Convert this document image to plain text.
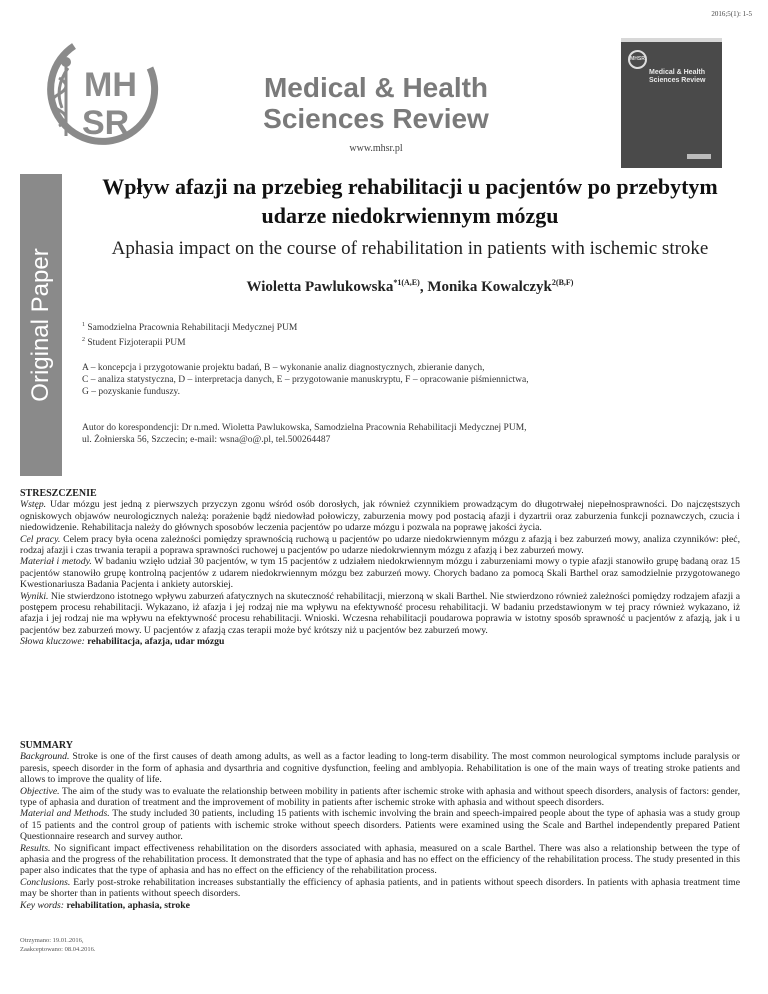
2016;5(1): 1-5
MH
SR
Medical & Health
Sciences Review
www.mhsr.pl
MHSR
Medical & Health
Sciences Review
Original Paper
Wpływ afazji na przebieg rehabilitacji u pacjentów po przebytym udarze niedokrwiennym mózgu
Aphasia impact on the course of rehabilitation in patients with ischemic stroke
Wioletta Pawlukowska$^{*1(A,E)}$, Monika Kowalczyk$^{2(B,F)}$
$^1$ Samodzielna Pracownia Rehabilitacji Medycznej PUM
$^2$ Student Fizjoterapii PUM
A – koncepcja i przygotowanie projektu badań, B – wykonanie analiz diagnostycznych, zbieranie danych,
C – analiza statystyczna, D – interpretacja danych, E – przygotowanie manuskryptu, F – opracowanie piśmiennictwa,
G – pozyskanie funduszy.
Autor do korespondencji: Dr n.med. Wioletta Pawlukowska, Samodzielna Pracownia Rehabilitacji Medycznej PUM,
ul. Żołnierska 56, Szczecin; e-mail: wsna@o@.pl, tel.500264487
STRESZCZENIE

Wstęp. Udar mózgu jest jedną z pierwszych przyczyn zgonu wśród osób dorosłych, jak również czynnikiem prowadzącym do długotrwałej niepełnosprawności. Do najczęstszych ogniskowych objawów neurologicznych należą: porażenie bądź niedowład połowiczy, zaburzenia mowy pod postacią afazji i dyzartrii oraz zaburzenia funkcji poznawczych, czucia i niedowidzenie. Rehabilitacja należy do głównych sposobów leczenia pacjentów po udarze mózgu i pozwala na poprawę jakości życia.

Cel pracy. Celem pracy była ocena zależności pomiędzy sprawnością ruchową u pacjentów po udarze niedokrwiennym mózgu z afazją i bez zaburzeń mowy, analiza czynników: płeć, rodzaj afazji i czas trwania terapii a poprawa sprawności ruchowej u pacjentów po udarze niedokrwiennym mózgu z afazją i bez zaburzeń mowy.

Materiał i metody. W badaniu wzięło udział 30 pacjentów, w tym 15 pacjentów z udziałem niedokrwiennym mózgu i zaburzeniami mowy o typie afazji stanowiło grupę badaną oraz 15 pacjentów stanowiło grupę kontrolną pacjentów z udarem niedokrwiennym mózgu bez zaburzeń mowy. Chorych badano za pomocą Skali Barthel oraz samodzielnie przygotowanego Kwestionariusza Badania Pacjenta i ankiety autorskiej.

Wyniki. Nie stwierdzono istotnego wpływu zaburzeń afatycznych na skuteczność rehabilitacji, mierzoną w skali Barthel. Nie stwierdzono również zależności pomiędzy rodzajem afazji a postępem procesu rehabilitacji. Wykazano, iż afazja i jej rodzaj nie ma wpływu na efektywność procesu rehabilitacji. W badaniu przedstawionym w tej pracy również wykazano, iż afazja i jej rodzaj nie ma wpływu na efektywność procesu rehabilitacji. Wnioski. Wczesna rehabilitacji poudarowa poprawia w istotny sposób sprawność u pacjentów z afazją, jak i u pacjentów bez zaburzeń mowy. U pacjentów z afazją czas terapii może być krótszy niż u pacjentów bez zaburzeń mowy.

Słowa kluczowe: rehabilitacja, afazja, udar mózgu

SUMMARY

Background. Stroke is one of the first causes of death among adults, as well as a factor leading to long-term disability. The most common neurological symptoms include paralysis or paresis, speech disorder in the form of aphasia and dysarthria and cognitive dysfunction, feeling and amblyopia. Rehabilitation is one of the main ways of treating stroke patients and allows to improve the quality of life.

Objective. The aim of the study was to evaluate the relationship between mobility in patients after ischemic stroke with aphasia and without speech disorders, analysis of factors: gender, type of aphasia and duration of treatment and the improvement of mobility in patients after ischemic stroke with aphasia and without speech disorders.

Material and Methods. The study included 30 patients, including 15 patients with ischemic involving the brain and speech-impaired people about the type of aphasia was a study group of 15 patients and the control group of patients with ischemic stroke without speech disorders. Patients were examined using the Scale and Barthel independently prepared Patient Questionnaire research and survey author.

Results. No significant impact effectiveness rehabilitation on the disorders associated with aphasia, measured on a scale Barthel. There was also a relationship between the type of aphasia and the progress of the rehabilitation process. It demonstrated that the type of aphasia and has no effect on the efficiency of the rehabilitation process. The study presented in this paper also indicates that the type of aphasia and has no effect on the efficiency of the rehabilitation process.

Conclusions. Early post-stroke rehabilitation increases substantially the efficiency of aphasia patients, and in patients without speech disorders. In patients with aphasia treatment time may be shorter than in patients without speech disorders.

Key words: rehabilitation, aphasia, stroke

Otrzymano: 19.01.2016,
Zaakceptowano: 08.04.2016.
